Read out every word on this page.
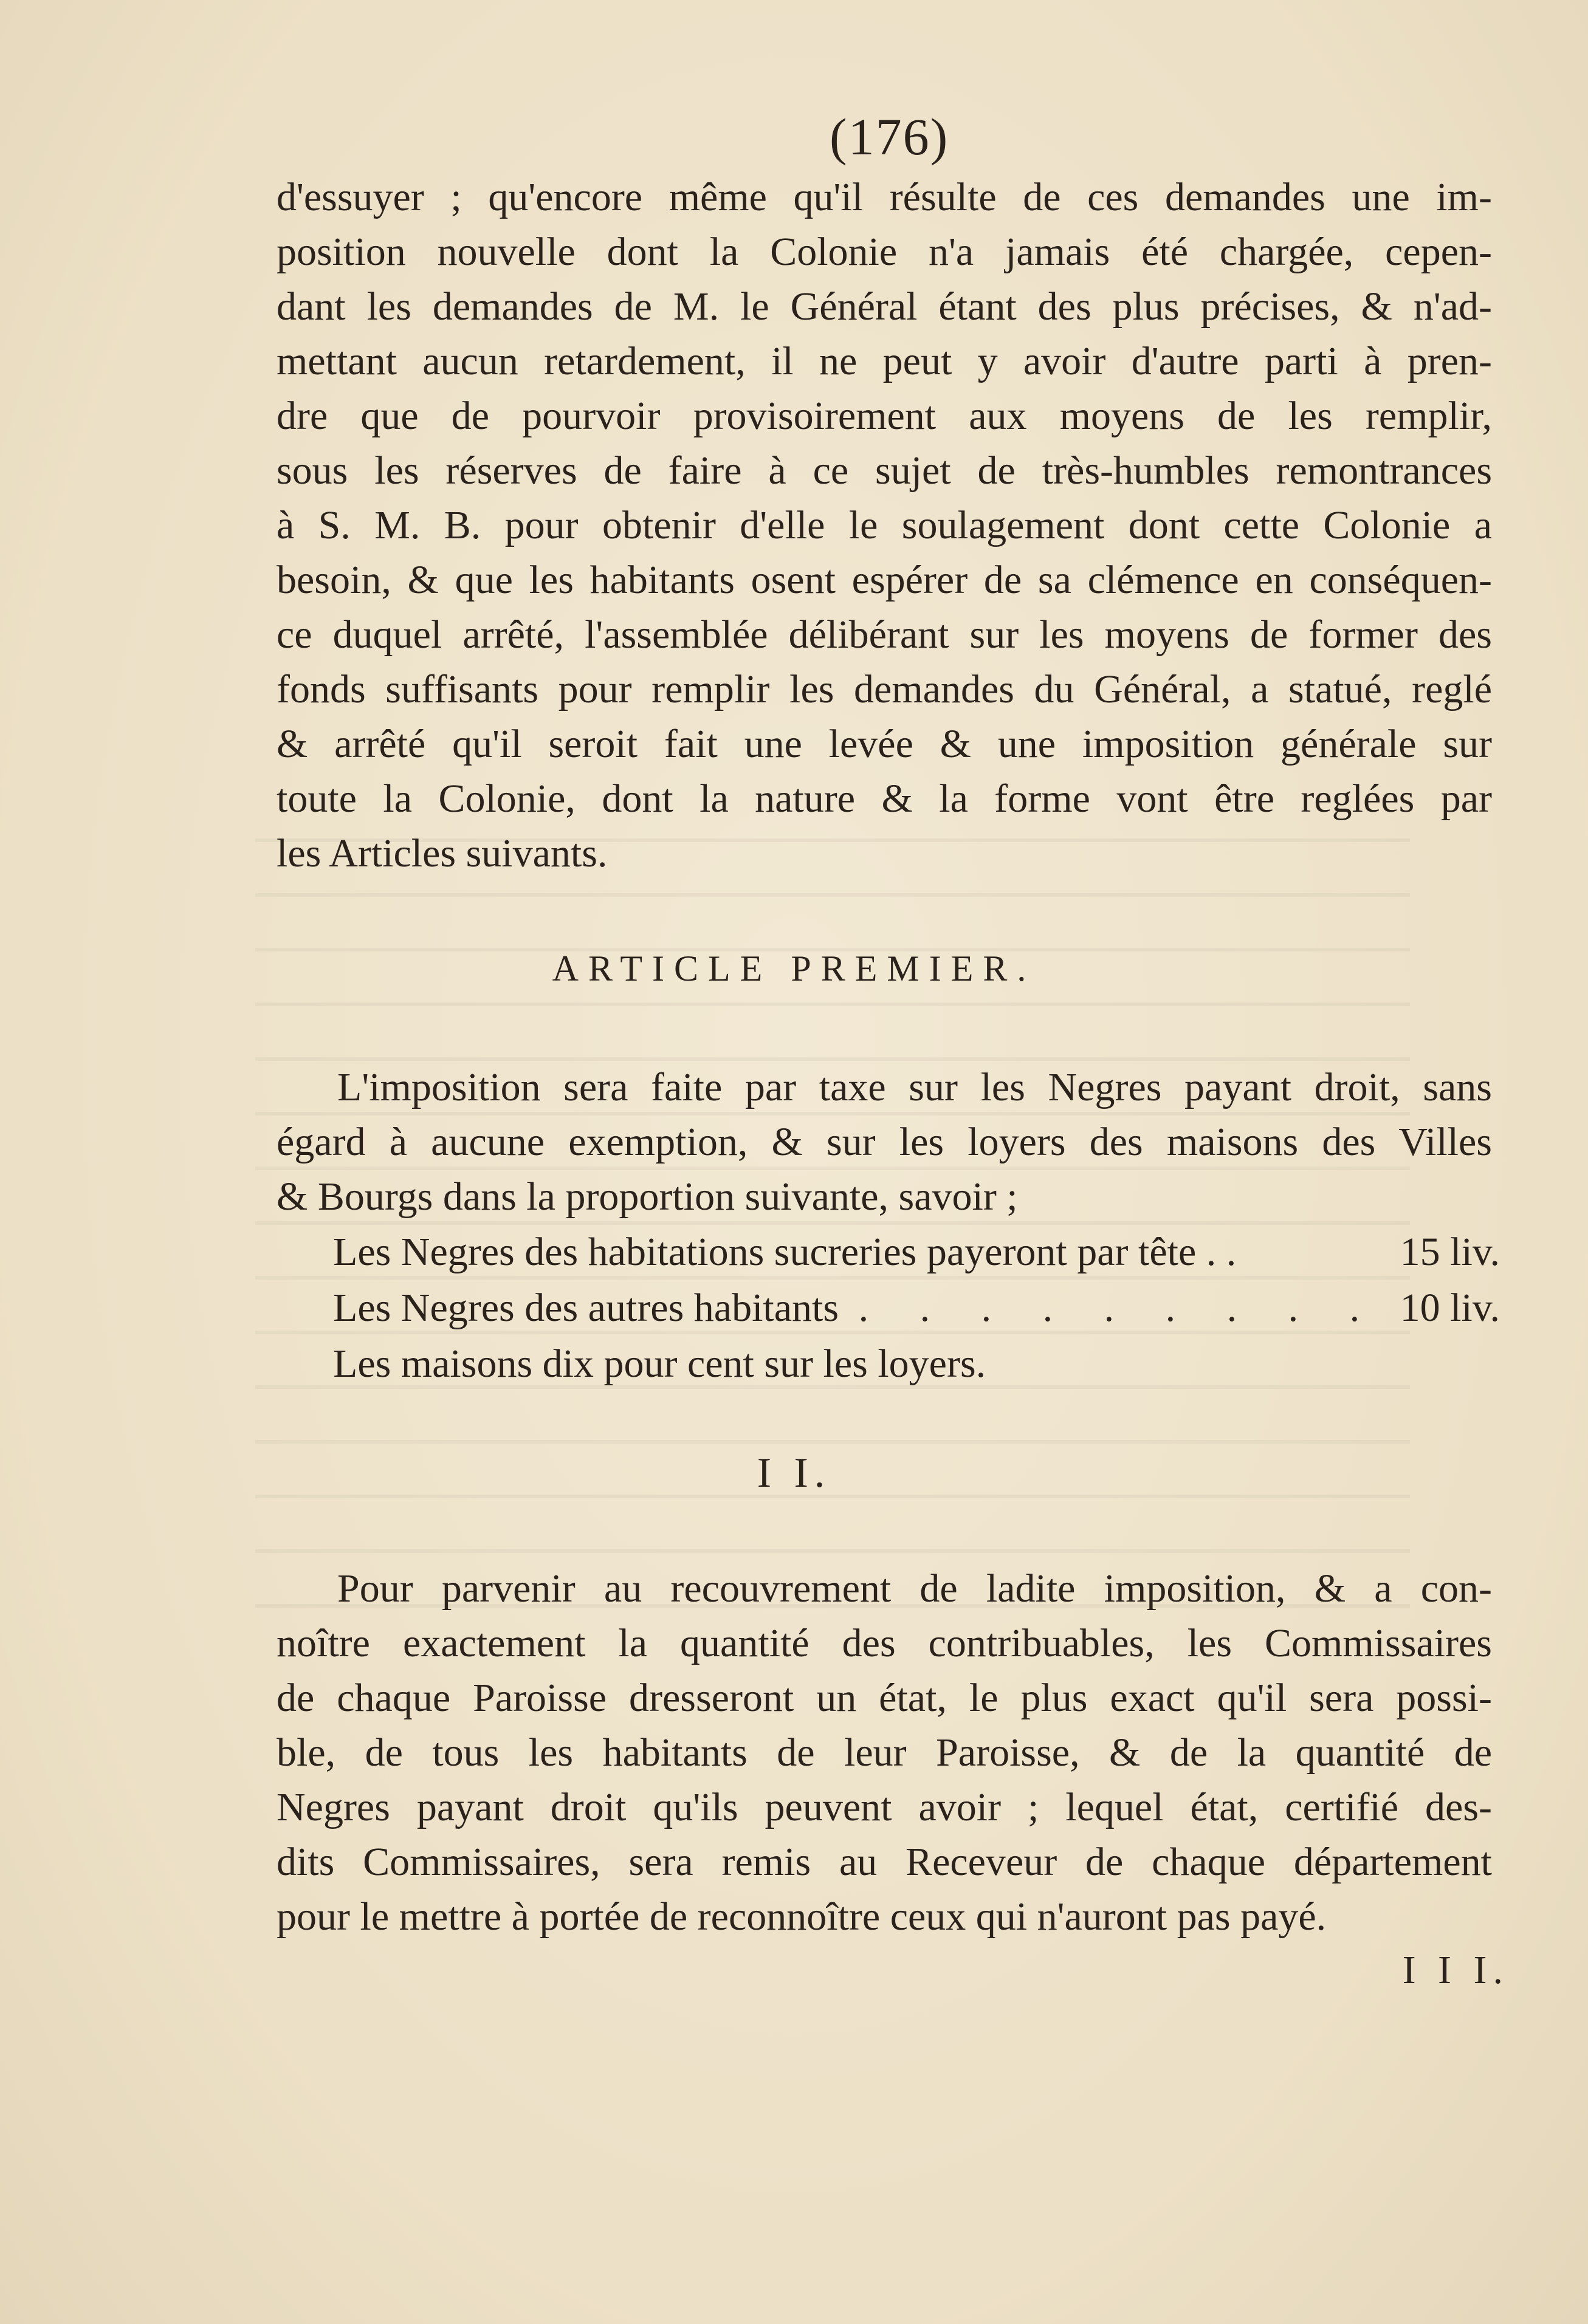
(176)
d'essuyer ; qu'encore même qu'il résulte de ces demandes une im-
position nouvelle dont la Colonie n'a jamais été chargée, cepen-
dant les demandes de M. le Général étant des plus précises, & n'ad-
mettant aucun retardement, il ne peut y avoir d'autre parti à pren-
dre que de pourvoir provisoirement aux moyens de les remplir,
sous les réserves de faire à ce sujet de très-humbles remontrances
à S. M. B. pour obtenir d'elle le soulagement dont cette Colonie a
besoin, & que les habitants osent espérer de sa clémence en conséquen-
ce duquel arrêté, l'assemblée délibérant sur les moyens de former des
fonds suffisants pour remplir les demandes du Général, a statué, reglé
& arrêté qu'il seroit fait une levée & une imposition générale sur
toute la Colonie, dont la nature & la forme vont être reglées par
les Articles suivants.
ARTICLE PREMIER.
L'imposition sera faite par taxe sur les Negres payant droit, sans
égard à aucune exemption, & sur les loyers des maisons des Villes
& Bourgs dans la proportion suivante, savoir ;
Les Negres des habitations sucreries payeront par tête . .	15 liv.
Les Negres des autres habitants . . . . . . . . . 10 liv.
Les maisons dix pour cent sur les loyers.
I I.
Pour parvenir au recouvrement de ladite imposition, & a con-
noître exactement la quantité des contribuables, les Commissaires
de chaque Paroisse dresseront un état, le plus exact qu'il sera possi-
ble, de tous les habitants de leur Paroisse, & de la quantité de
Negres payant droit qu'ils peuvent avoir ; lequel état, certifié des-
dits Commissaires, sera remis au Receveur de chaque département
pour le mettre à portée de reconnoître ceux qui n'auront pas payé.
I I I.
